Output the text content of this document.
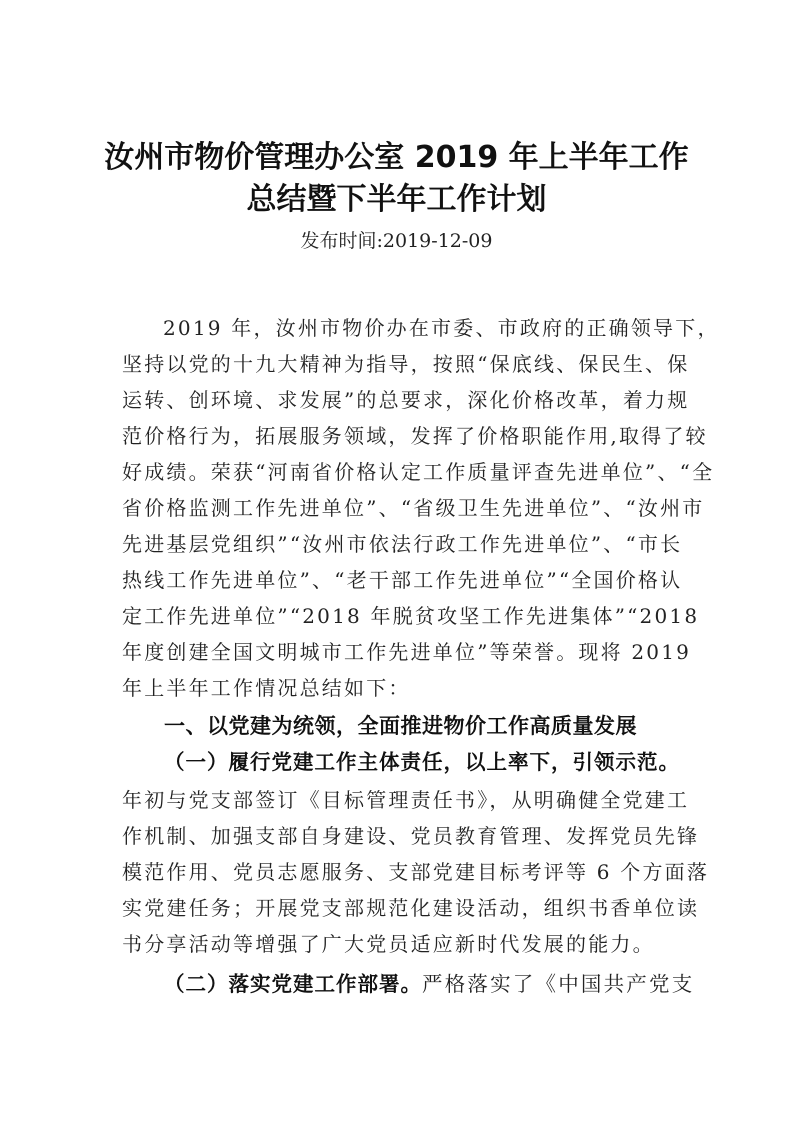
汝州市物价管理办公室 2019 年上半年工作
总结暨下半年工作计划
发布时间:2019-12-09
2019 年，汝州市物价办在市委、市政府的正确领导下，
坚持以党的十九大精神为指导，按照“保底线、保民生、保
运转、创环境、求发展”的总要求，深化价格改革，着力规
范价格行为，拓展服务领域，发挥了价格职能作用,取得了较
好成绩。荣获“河南省价格认定工作质量评查先进单位”、“全
省价格监测工作先进单位”、“省级卫生先进单位”、“汝州市
先进基层党组织”“汝州市依法行政工作先进单位”、“市长
热线工作先进单位”、“老干部工作先进单位”“全国价格认
定工作先进单位”“2018 年脱贫攻坚工作先进集体”“2018
年度创建全国文明城市工作先进单位”等荣誉。现将 2019
年上半年工作情况总结如下：
一、以党建为统领，全面推进物价工作高质量发展
（一）履行党建工作主体责任，以上率下，引领示范。
年初与党支部签订《目标管理责任书》，从明确健全党建工
作机制、加强支部自身建设、党员教育管理、发挥党员先锋
模范作用、党员志愿服务、支部党建目标考评等 6 个方面落
实党建任务；开展党支部规范化建设活动，组织书香单位读
书分享活动等增强了广大党员适应新时代发展的能力。
（二）落实党建工作部署。严格落实了《中国共产党支
